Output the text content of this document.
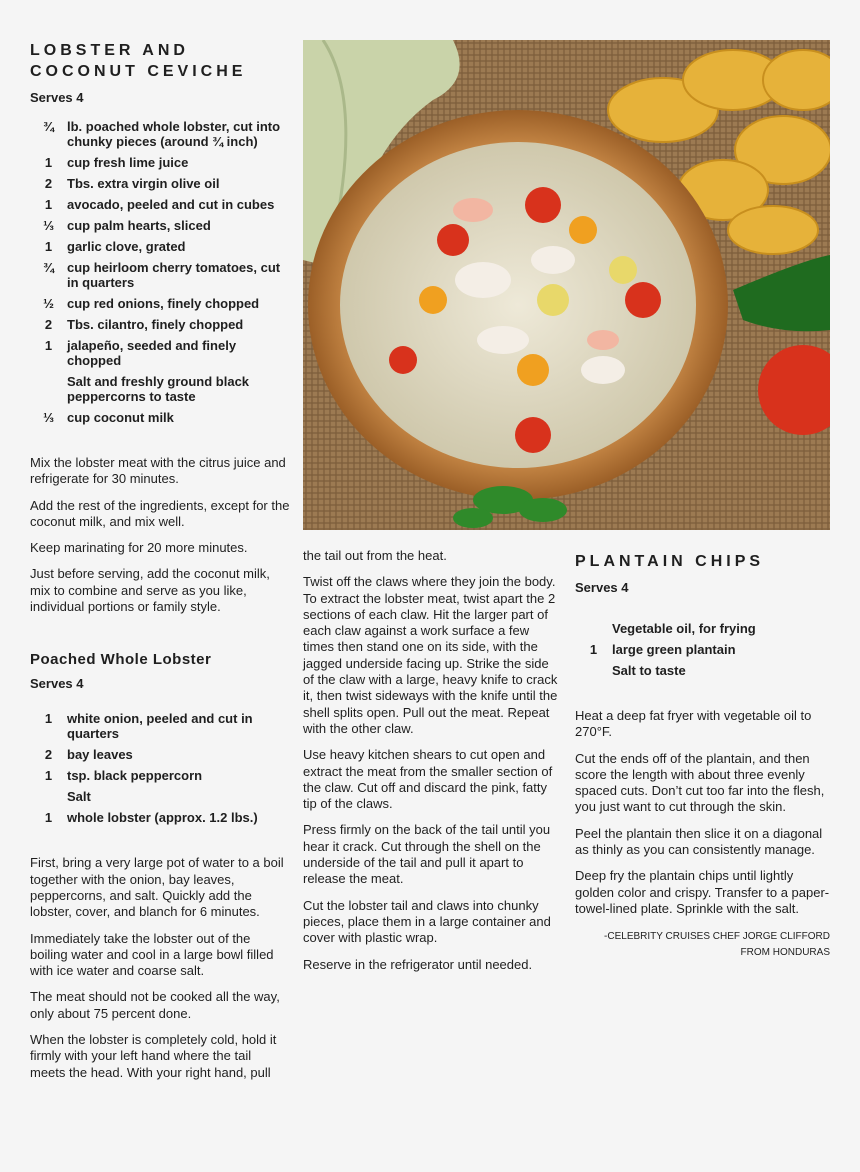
LOBSTER AND COCONUT CEVICHE
Serves 4
¾	lb. poached whole lobster, cut into chunky pieces (around ¾ inch)
1	cup fresh lime juice
2	Tbs. extra virgin olive oil
1	avocado, peeled and cut in cubes
⅓	cup palm hearts, sliced
1	garlic clove, grated
¾	cup heirloom cherry tomatoes, cut in quarters
½	cup red onions, finely chopped
2	Tbs. cilantro, finely chopped
1	jalapeño, seeded and finely chopped
Salt and freshly ground black peppercorns to taste
⅓	cup coconut milk

Mix the lobster meat with the citrus juice and refrigerate for 30 minutes.

Add the rest of the ingredients, except for the coconut milk, and mix well.

Keep marinating for 20 more minutes.

Just before serving, add the coconut milk, mix to combine and serve as you like, individual portions or family style.

Poached Whole Lobster
Serves 4
1	white onion, peeled and cut in quarters
2	bay leaves
1	tsp. black peppercorn
Salt
1	whole lobster (approx. 1.2 lbs.)

First, bring a very large pot of water to a boil together with the onion, bay leaves, peppercorns, and salt. Quickly add the lobster, cover, and blanch for 6 minutes.

Immediately take the lobster out of the boiling water and cool in a large bowl filled with ice water and coarse salt.

The meat should not be cooked all the way, only about 75 percent done.

When the lobster is completely cold, hold it firmly with your left hand where the tail meets the head. With your right hand, pull

the tail out from the heat.

Twist off the claws where they join the body. To extract the lobster meat, twist apart the 2 sections of each claw. Hit the larger part of each claw against a work surface a few times then stand one on its side, with the jagged underside facing up. Strike the side of the claw with a large, heavy knife to crack it, then twist sideways with the knife until the shell splits open. Pull out the meat. Repeat with the other claw.

Use heavy kitchen shears to cut open and extract the meat from the smaller section of the claw. Cut off and discard the pink, fatty tip of the claws.

Press firmly on the back of the tail until you hear it crack. Cut through the shell on the underside of the tail and pull it apart to release the meat.

Cut the lobster tail and claws into chunky pieces, place them in a large container and cover with plastic wrap.

Reserve in the refrigerator until needed.

PLANTAIN CHIPS
Serves 4
Vegetable oil, for frying
1	large green plantain
Salt to taste

Heat a deep fat fryer with vegetable oil to 270°F.

Cut the ends off of the plantain, and then score the length with about three evenly spaced cuts. Don’t cut too far into the flesh, you just want to cut through the skin.

Peel the plantain then slice it on a diagonal as thinly as you can consistently manage.

Deep fry the plantain chips until lightly golden color and crispy. Transfer to a paper-towel-lined plate. Sprinkle with the salt.

-CELEBRITY CRUISES CHEF JORGE CLIFFORD FROM HONDURAS
